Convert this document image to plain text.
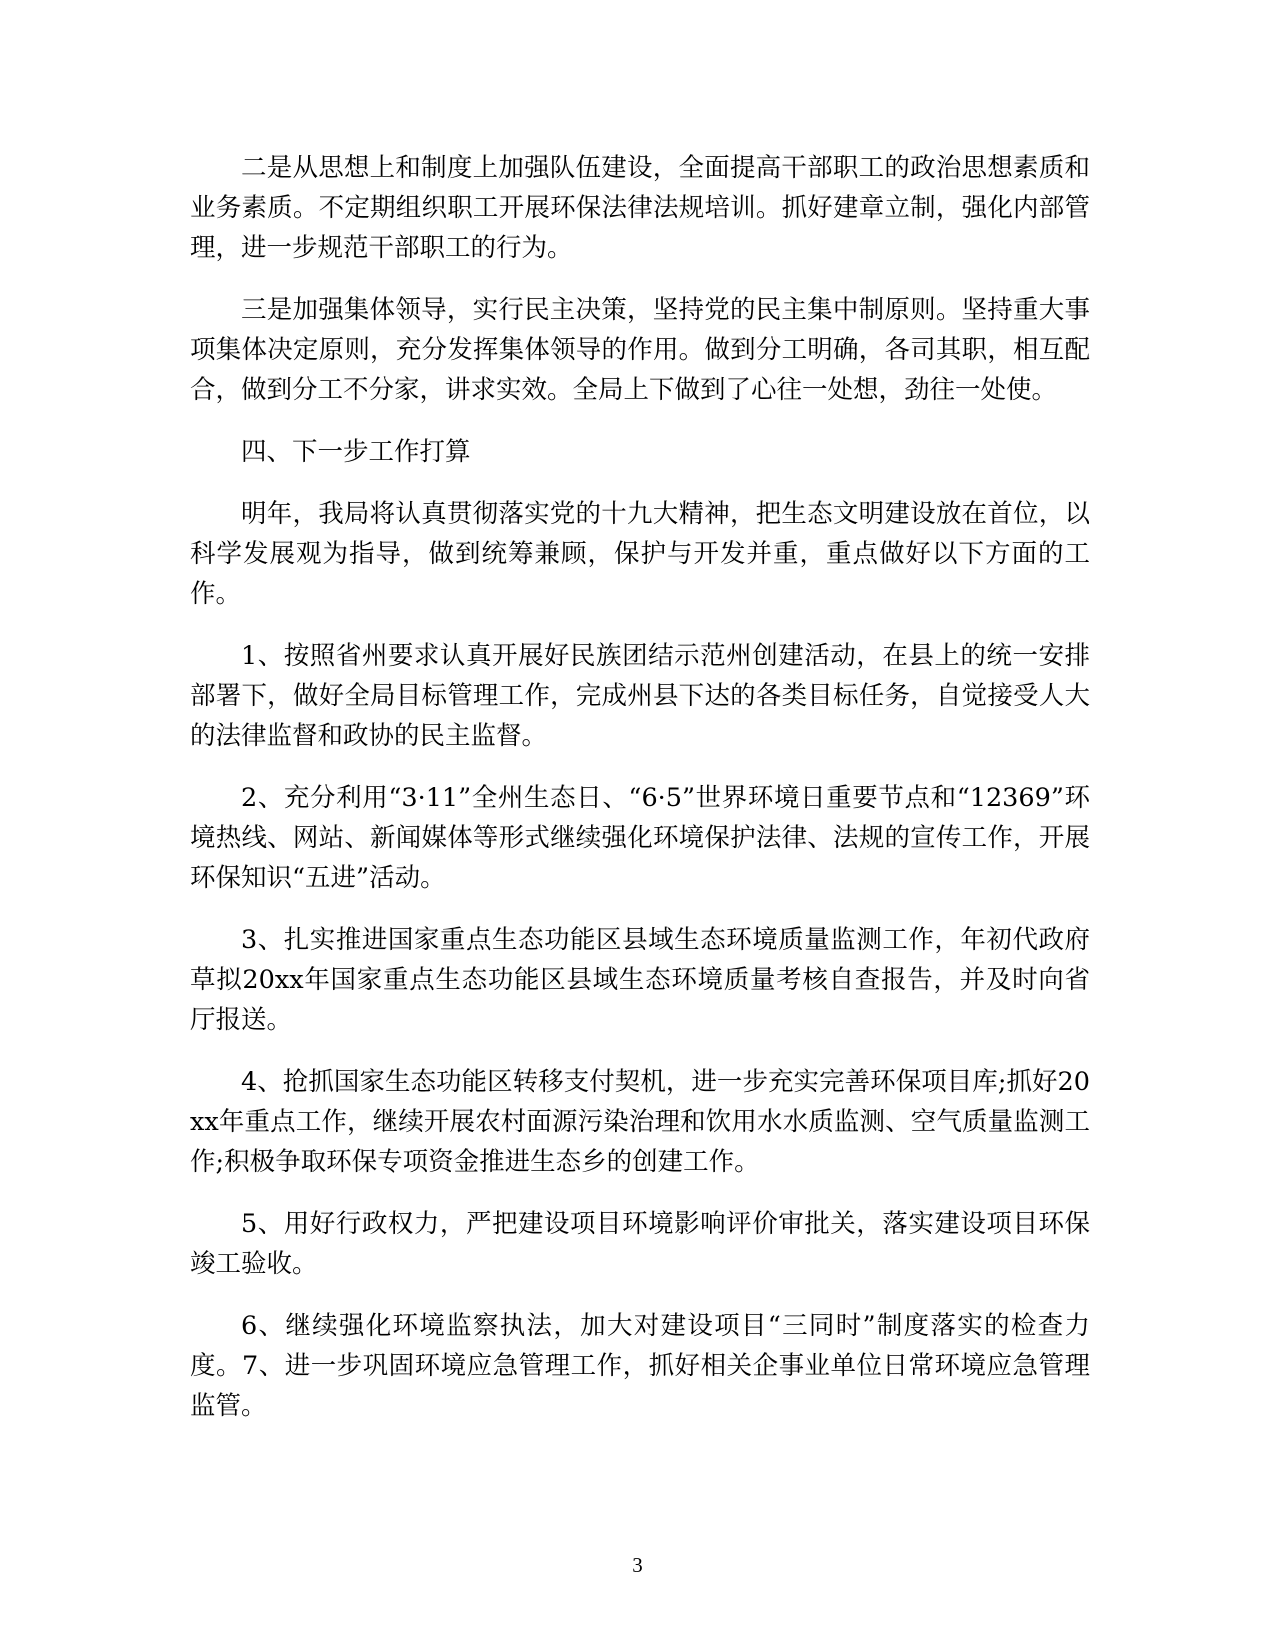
二是从思想上和制度上加强队伍建设，全面提高干部职工的政治思想素质和业务素质。不定期组织职工开展环保法律法规培训。抓好建章立制，强化内部管理，进一步规范干部职工的行为。

三是加强集体领导，实行民主决策，坚持党的民主集中制原则。坚持重大事项集体决定原则，充分发挥集体领导的作用。做到分工明确，各司其职，相互配合，做到分工不分家，讲求实效。全局上下做到了心往一处想，劲往一处使。

四、下一步工作打算

明年，我局将认真贯彻落实党的十九大精神，把生态文明建设放在首位，以科学发展观为指导，做到统筹兼顾，保护与开发并重，重点做好以下方面的工作。

1、按照省州要求认真开展好民族团结示范州创建活动，在县上的统一安排部署下，做好全局目标管理工作，完成州县下达的各类目标任务，自觉接受人大的法律监督和政协的民主监督。

2、充分利用“3·11”全州生态日、“6·5”世界环境日重要节点和“12369”环境热线、网站、新闻媒体等形式继续强化环境保护法律、法规的宣传工作，开展环保知识“五进”活动。

3、扎实推进国家重点生态功能区县域生态环境质量监测工作，年初代政府草拟20xx年国家重点生态功能区县域生态环境质量考核自查报告，并及时向省厅报送。

4、抢抓国家生态功能区转移支付契机，进一步充实完善环保项目库;抓好20xx年重点工作，继续开展农村面源污染治理和饮用水水质监测、空气质量监测工作;积极争取环保专项资金推进生态乡的创建工作。

5、用好行政权力，严把建设项目环境影响评价审批关，落实建设项目环保竣工验收。

6、继续强化环境监察执法，加大对建设项目“三同时”制度落实的检查力度。7、进一步巩固环境应急管理工作，抓好相关企事业单位日常环境应急管理监管。

3
